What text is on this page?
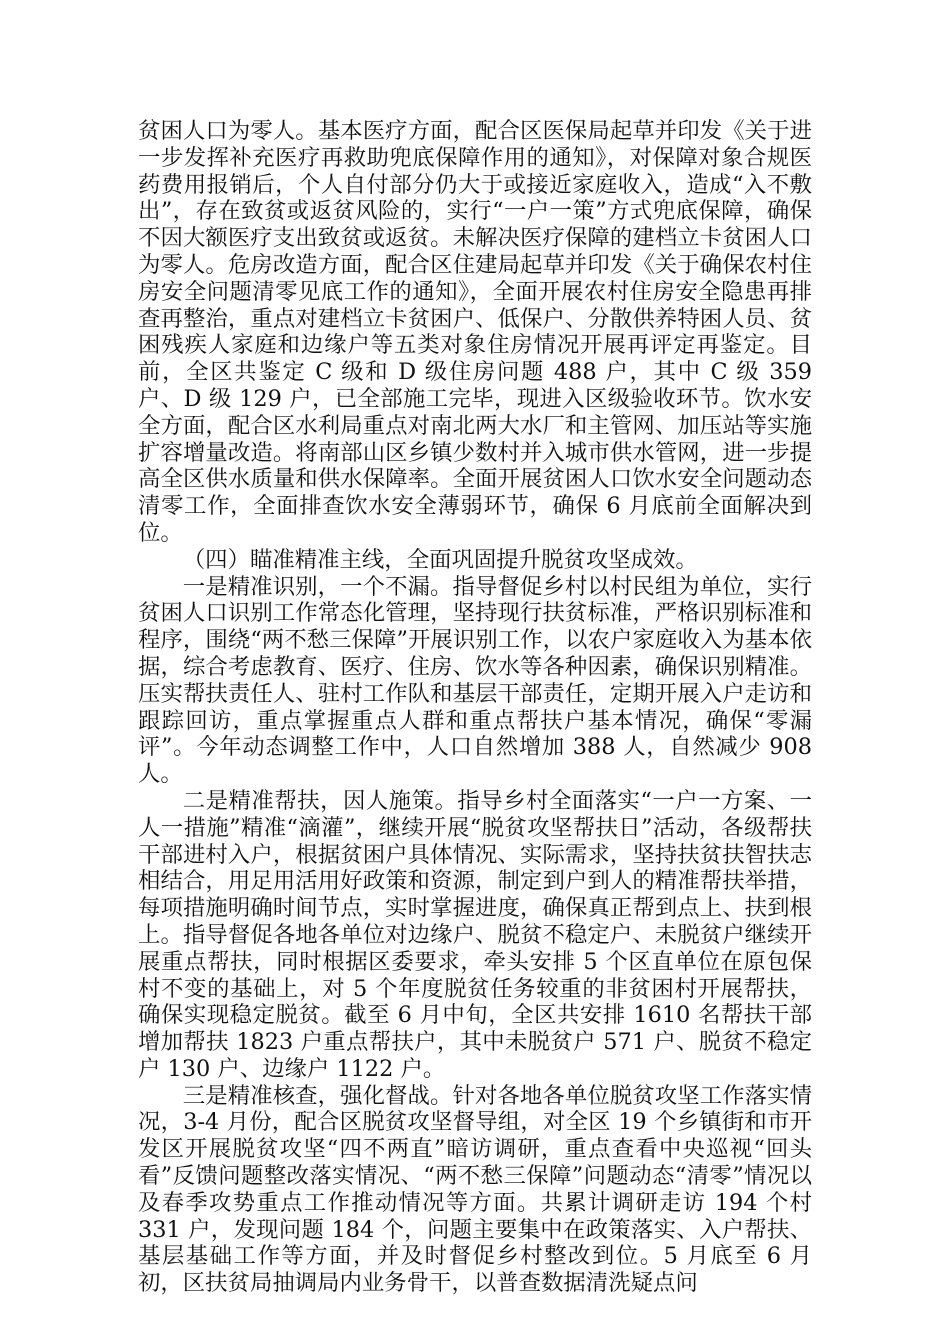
贫困人口为零人。基本医疗方面，配合区医保局起草并印发《关于进一步发挥补充医疗再救助兜底保障作用的通知》，对保障对象合规医药费用报销后，个人自付部分仍大于或接近家庭收入，造成“入不敷出”，存在致贫或返贫风险的，实行“一户一策”方式兜底保障，确保不因大额医疗支出致贫或返贫。未解决医疗保障的建档立卡贫困人口为零人。危房改造方面，配合区住建局起草并印发《关于确保农村住房安全问题清零见底工作的通知》，全面开展农村住房安全隐患再排查再整治，重点对建档立卡贫困户、低保户、分散供养特困人员、贫困残疾人家庭和边缘户等五类对象住房情况开展再评定再鉴定。目前，全区共鉴定 C 级和 D 级住房问题 488 户，其中 C 级 359 户、D 级 129 户，已全部施工完毕，现进入区级验收环节。饮水安全方面，配合区水利局重点对南北两大水厂和主管网、加压站等实施扩容增量改造。将南部山区乡镇少数村并入城市供水管网，进一步提高全区供水质量和供水保障率。全面开展贫困人口饮水安全问题动态清零工作，全面排查饮水安全薄弱环节，确保 6 月底前全面解决到位。

（四）瞄准精准主线，全面巩固提升脱贫攻坚成效。

一是精准识别，一个不漏。指导督促乡村以村民组为单位，实行贫困人口识别工作常态化管理，坚持现行扶贫标准，严格识别标准和程序，围绕“两不愁三保障”开展识别工作，以农户家庭收入为基本依据，综合考虑教育、医疗、住房、饮水等各种因素，确保识别精准。压实帮扶责任人、驻村工作队和基层干部责任，定期开展入户走访和跟踪回访，重点掌握重点人群和重点帮扶户基本情况，确保“零漏评”。今年动态调整工作中，人口自然增加 388 人，自然减少 908 人。

二是精准帮扶，因人施策。指导乡村全面落实“一户一方案、一人一措施”精准“滴灌”，继续开展“脱贫攻坚帮扶日”活动，各级帮扶干部进村入户，根据贫困户具体情况、实际需求，坚持扶贫扶智扶志相结合，用足用活用好政策和资源，制定到户到人的精准帮扶举措，每项措施明确时间节点，实时掌握进度，确保真正帮到点上、扶到根上。指导督促各地各单位对边缘户、脱贫不稳定户、未脱贫户继续开展重点帮扶，同时根据区委要求，牵头安排 5 个区直单位在原包保村不变的基础上，对 5 个年度脱贫任务较重的非贫困村开展帮扶，确保实现稳定脱贫。截至 6 月中旬，全区共安排 1610 名帮扶干部增加帮扶 1823 户重点帮扶户，其中未脱贫户 571 户、脱贫不稳定户 130 户、边缘户 1122 户。

三是精准核查，强化督战。针对各地各单位脱贫攻坚工作落实情况，3-4 月份，配合区脱贫攻坚督导组，对全区 19 个乡镇街和市开发区开展脱贫攻坚“四不两直”暗访调研，重点查看中央巡视“回头看”反馈问题整改落实情况、“两不愁三保障”问题动态“清零”情况以及春季攻势重点工作推动情况等方面。共累计调研走访 194 个村 331 户，发现问题 184 个，问题主要集中在政策落实、入户帮扶、基层基础工作等方面，并及时督促乡村整改到位。5 月底至 6 月初，区扶贫局抽调局内业务骨干，以普查数据清洗疑点问
